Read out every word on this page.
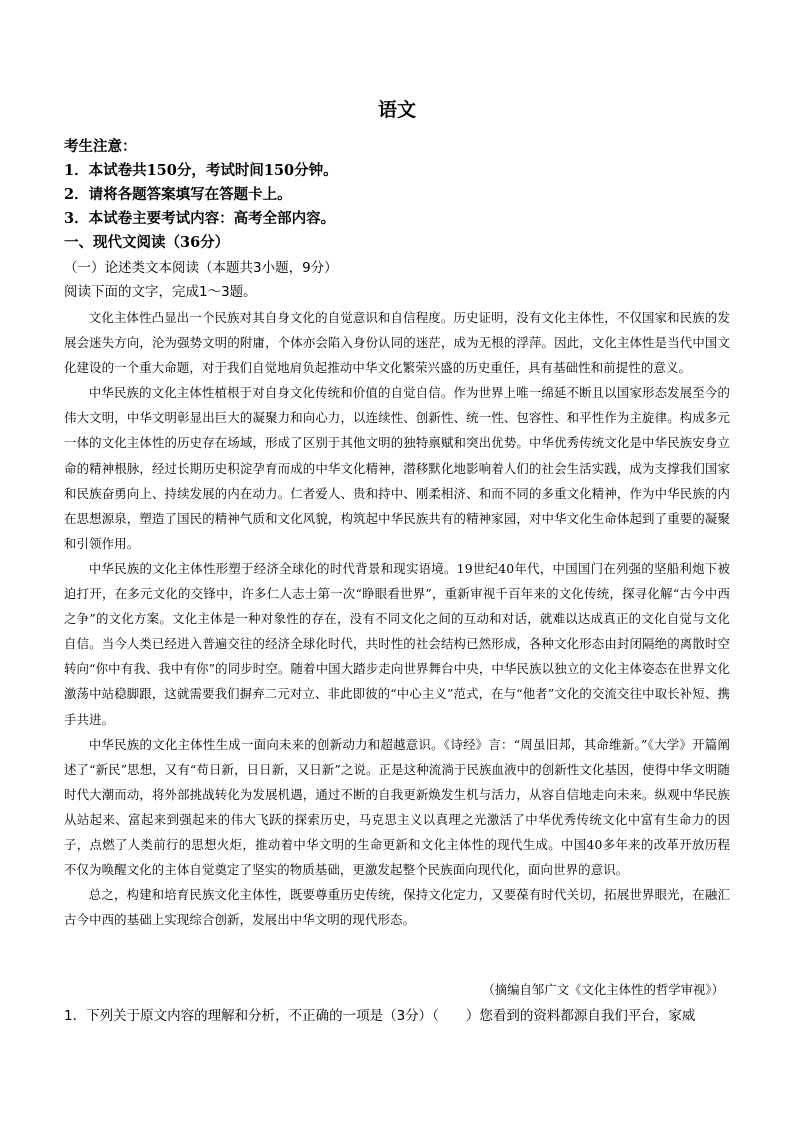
语文
考生注意：
1．本试卷共150分，考试时间150分钟。
2．请将各题答案填写在答题卡上。
3．本试卷主要考试内容：高考全部内容。
一、现代文阅读（36分）
（一）论述类文本阅读（本题共3小题，9分）
阅读下面的文字，完成1～3题。

文化主体性凸显出一个民族对其自身文化的自觉意识和自信程度。历史证明，没有文化主体性，不仅国家和民族的发展会迷失方向，沦为强势文明的附庸，个体亦会陷入身份认同的迷茫，成为无根的浮萍。因此，文化主体性是当代中国文化建设的一个重大命题，对于我们自觉地肩负起推动中华文化繁荣兴盛的历史重任，具有基础性和前提性的意义。

中华民族的文化主体性植根于对自身文化传统和价值的自觉自信。作为世界上唯一绵延不断且以国家形态发展至今的伟大文明，中华文明彰显出巨大的凝聚力和向心力，以连续性、创新性、统一性、包容性、和平性作为主旋律。构成多元一体的文化主体性的历史存在场域，形成了区别于其他文明的独特禀赋和突出优势。中华优秀传统文化是中华民族安身立命的精神根脉，经过长期历史积淀孕育而成的中华文化精神，潜移默化地影响着人们的社会生活实践，成为支撑我们国家和民族奋勇向上、持续发展的内在动力。仁者爱人、贵和持中、刚柔相济、和而不同的多重文化精神，作为中华民族的内在思想源泉，塑造了国民的精神气质和文化风貌，构筑起中华民族共有的精神家园，对中华文化生命体起到了重要的凝聚和引领作用。

中华民族的文化主体性形塑于经济全球化的时代背景和现实语境。19世纪40年代，中国国门在列强的坚船利炮下被迫打开，在多元文化的交锋中，许多仁人志士第一次“睁眼看世界”，重新审视千百年来的文化传统，探寻化解“古今中西之争”的文化方案。文化主体是一种对象性的存在，没有不同文化之间的互动和对话，就难以达成真正的文化自觉与文化自信。当今人类已经进入普遍交往的经济全球化时代，共时性的社会结构已然形成，各种文化形态由封闭隔绝的离散时空转向“你中有我、我中有你”的同步时空。随着中国大踏步走向世界舞台中央，中华民族以独立的文化主体姿态在世界文化激荡中站稳脚跟，这就需要我们摒弃二元对立、非此即彼的“中心主义”范式，在与“他者”文化的交流交往中取长补短、携手共进。

中华民族的文化主体性生成一面向未来的创新动力和超越意识。《诗经》言：“周虽旧邦，其命维新。”《大学》开篇阐述了“新民”思想，又有“苟日新，日日新，又日新”之说。正是这种流淌于民族血液中的创新性文化基因，使得中华文明随时代大潮而动，将外部挑战转化为发展机遇，通过不断的自我更新焕发生机与活力，从容自信地走向未来。纵观中华民族从站起来、富起来到强起来的伟大飞跃的探索历史，马克思主义以真理之光激活了中华优秀传统文化中富有生命力的因子，点燃了人类前行的思想火炬，推动着中华文明的生命更新和文化主体性的现代生成。中国40多年来的改革开放历程不仅为唤醒文化的主体自觉奠定了坚实的物质基础，更激发起整个民族面向现代化，面向世界的意识。

总之，构建和培育民族文化主体性，既要尊重历史传统，保持文化定力，又要葆有时代关切，拓展世界眼光，在融汇古今中西的基础上实现综合创新，发展出中华文明的现代形态。

（摘编自邹广文《文化主体性的哲学审视》）
1．下列关于原文内容的理解和分析，不正确的一项是（3分）（　　）您看到的资料都源自我们平台，家威
